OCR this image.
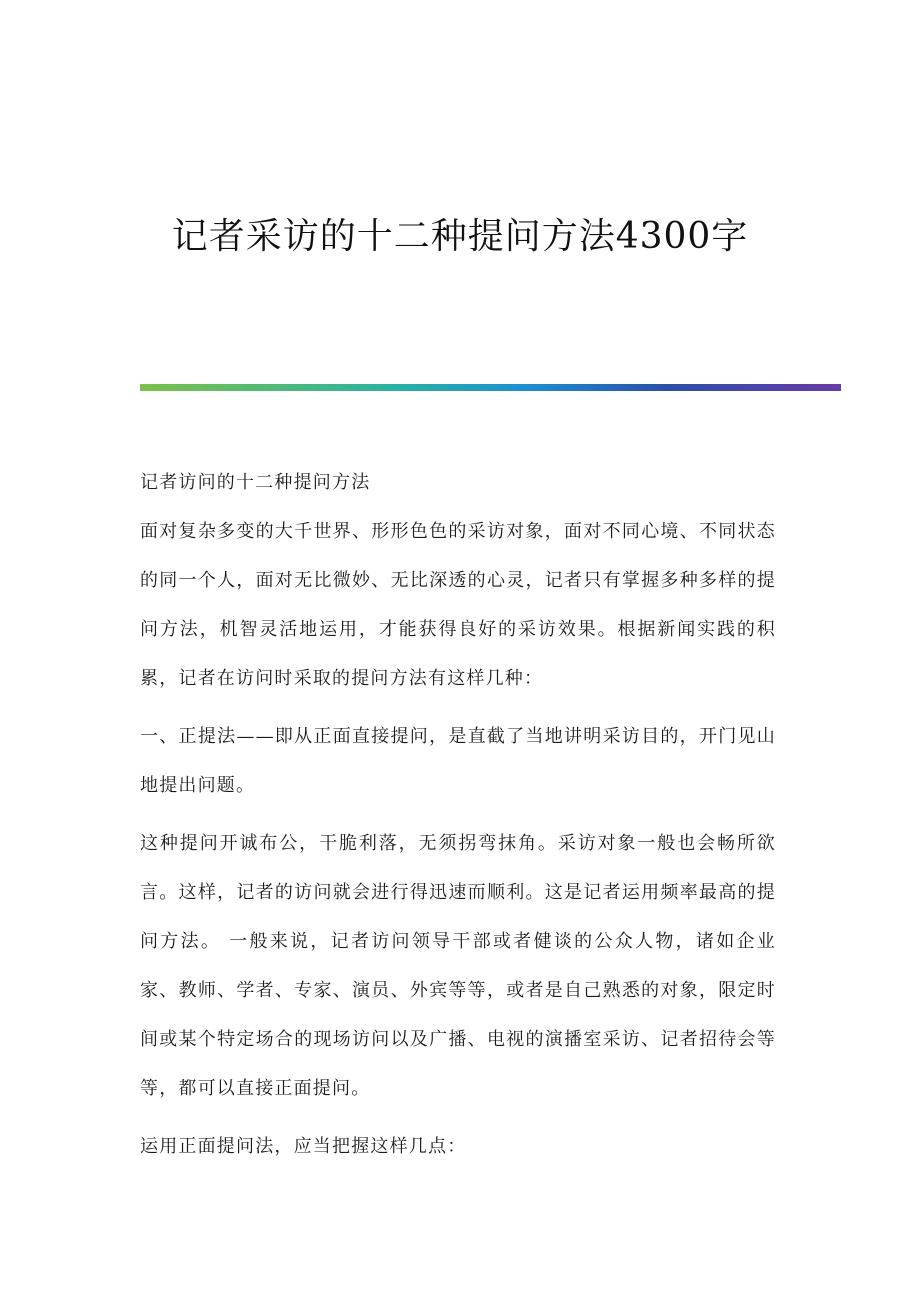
记者采访的十二种提问方法4300字

记者访问的十二种提问方法

面对复杂多变的大千世界、形形色色的采访对象，面对不同心境、不同状态的同一个人，面对无比微妙、无比深透的心灵，记者只有掌握多种多样的提问方法，机智灵活地运用，才能获得良好的采访效果。根据新闻实践的积累，记者在访问时采取的提问方法有这样几种：

一、正提法——即从正面直接提问，是直截了当地讲明采访目的，开门见山地提出问题。

这种提问开诚布公，干脆利落，无须拐弯抹角。采访对象一般也会畅所欲言。这样，记者的访问就会进行得迅速而顺利。这是记者运用频率最高的提问方法。 一般来说，记者访问领导干部或者健谈的公众人物，诸如企业家、教师、学者、专家、演员、外宾等等，或者是自己熟悉的对象，限定时间或某个特定场合的现场访问以及广播、电视的演播室采访、记者招待会等等，都可以直接正面提问。

运用正面提问法，应当把握这样几点：
